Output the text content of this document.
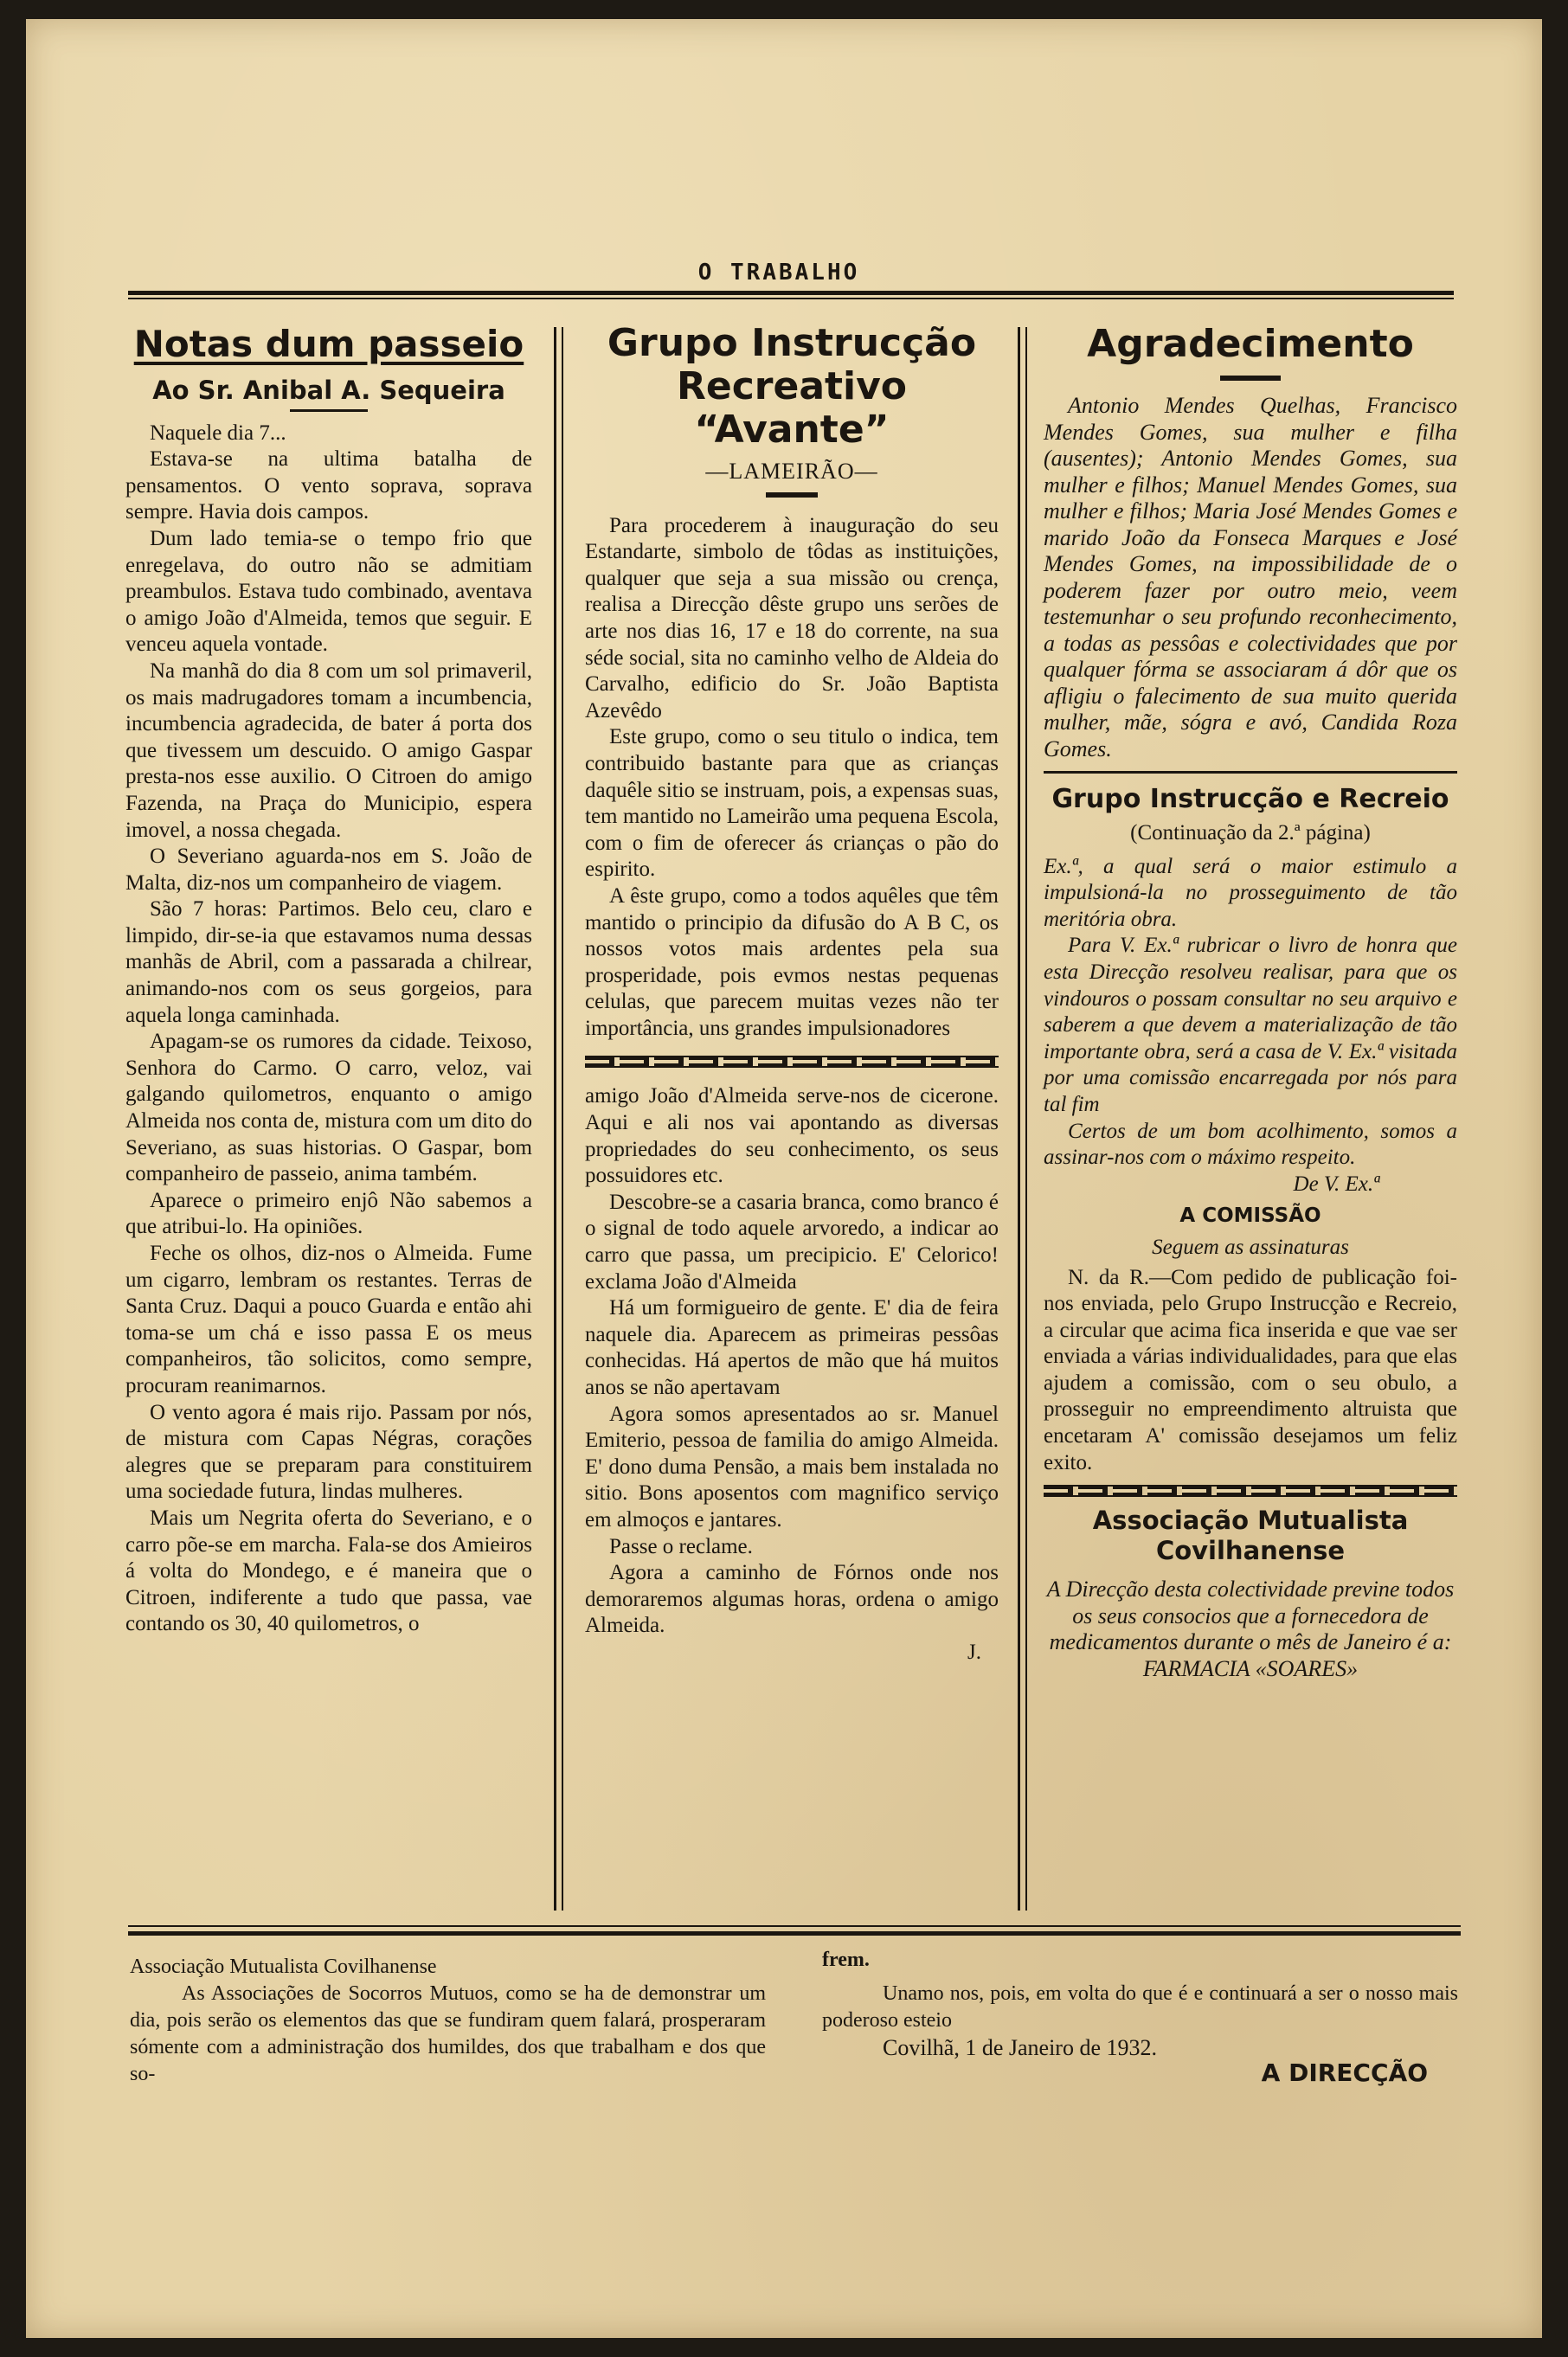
O TRABALHO
Notas dum passeio
Ao Sr. Anibal A. Sequeira

Naquele dia 7...

Estava-se na ultima batalha de pensamentos. O vento soprava, soprava sempre. Havia dois campos.

Dum lado temia-se o tempo frio que enregelava, do outro não se admitiam preambulos. Estava tudo combinado, aventava o amigo João d'Almeida, temos que seguir. E venceu aquela vontade.

Na manhã do dia 8 com um sol primaveril, os mais madrugadores tomam a incumbencia, incumbencia agradecida, de bater á porta dos que tivessem um descuido. O amigo Gaspar presta-nos esse auxilio. O Citroen do amigo Fazenda, na Praça do Municipio, espera imovel, a nossa chegada.

O Severiano aguarda-nos em S. João de Malta, diz-nos um companheiro de viagem.

São 7 horas: Partimos. Belo ceu, claro e limpido, dir-se-ia que estavamos numa dessas manhãs de Abril, com a passarada a chilrear, animando-nos com os seus gorgeios, para aquela longa caminhada.

Apagam-se os rumores da cidade. Teixoso, Senhora do Carmo. O carro, veloz, vai galgando quilometros, enquanto o amigo Almeida nos conta de, mistura com um dito do Severiano, as suas historias. O Gaspar, bom companheiro de passeio, anima também.

Aparece o primeiro enjô Não sabemos a que atribui-lo. Ha opiniões.

Feche os olhos, diz-nos o Almeida. Fume um cigarro, lembram os restantes. Terras de Santa Cruz. Daqui a pouco Guarda e então ahi toma-se um chá e isso passa E os meus companheiros, tão solicitos, como sempre, procuram reanimarnos.

O vento agora é mais rijo. Passam por nós, de mistura com Capas Négras, corações alegres que se preparam para constituirem uma sociedade futura, lindas mulheres.

Mais um Negrita oferta do Severiano, e o carro põe-se em marcha. Fala-se dos Amieiros á volta do Mondego, e é maneira que o Citroen, indiferente a tudo que passa, vae contando os 30, 40 quilometros, o

Grupo Instrucção Recreativo “Avante”

—LAMEIRÃO—

Para procederem à inauguração do seu Estandarte, simbolo de tôdas as instituições, qualquer que seja a sua missão ou crença, realisa a Direcção dêste grupo uns serões de arte nos dias 16, 17 e 18 do corrente, na sua séde social, sita no caminho velho de Aldeia do Carvalho, edificio do Sr. João Baptista Azevêdo

Este grupo, como o seu titulo o indica, tem contribuido bastante para que as crianças daquêle sitio se instruam, pois, a expensas suas, tem mantido no Lameirão uma pequena Escola, com o fim de oferecer ás crianças o pão do espirito.

A êste grupo, como a todos aquêles que têm mantido o principio da difusão do A B C, os nossos votos mais ardentes pela sua prosperidade, pois evmos nestas pequenas celulas, que parecem muitas vezes não ter importância, uns grandes impulsionadores

amigo João d'Almeida serve-nos de cicerone. Aqui e ali nos vai apontando as diversas propriedades do seu conhecimento, os seus possuidores etc.

Descobre-se a casaria branca, como branco é o signal de todo aquele arvoredo, a indicar ao carro que passa, um precipicio. E' Celorico! exclama João d'Almeida

Há um formigueiro de gente. E' dia de feira naquele dia. Aparecem as primeiras pessôas conhecidas. Há apertos de mão que há muitos anos se não apertavam

Agora somos apresentados ao sr. Manuel Emiterio, pessoa de familia do amigo Almeida. E' dono duma Pensão, a mais bem instalada no sitio. Bons aposentos com magnifico serviço em almoços e jantares.

Passe o reclame.

Agora a caminho de Fórnos onde nos demoraremos algumas horas, ordena o amigo Almeida.

J.

Agradecimento

Antonio Mendes Quelhas, Francisco Mendes Gomes, sua mulher e filha (ausentes); Antonio Mendes Gomes, sua mulher e filhos; Manuel Mendes Gomes, sua mulher e filhos; Maria José Mendes Gomes e marido João da Fonseca Marques e José Mendes Gomes, na impossibilidade de o poderem fazer por outro meio, veem testemunhar o seu profundo reconhecimento, a todas as pessôas e colectividades que por qualquer fórma se associaram á dôr que os afligiu o falecimento de sua muito querida mulher, mãe, sógra e avó, Candida Roza Gomes.

Grupo Instrucção e Recreio

(Continuação da 2.ª página)

Ex.ª, a qual será o maior estimulo a impulsioná-la no prosseguimento de tão meritória obra.

Para V. Ex.ª rubricar o livro de honra que esta Direcção resolveu realisar, para que os vindouros o possam consultar no seu arquivo e saberem a que devem a materialização de tão importante obra, será a casa de V. Ex.ª visitada por uma comissão encarregada por nós para tal fim

Certos de um bom acolhimento, somos a assinar-nos com o máximo respeito.

De V. Ex.ª

A COMISSÃO

Seguem as assinaturas

N. da R.—Com pedido de publicação foi-nos enviada, pelo Grupo Instrucção e Recreio, a circular que acima fica inserida e que vae ser enviada a várias individualidades, para que elas ajudem a comissão, com o seu obulo, a prosseguir no empreendimento altruista que encetaram A' comissão desejamos um feliz exito.

Associação Mutualista Covilhanense

A Direcção desta colectividade previne todos os seus consocios que a fornecedora de medicamentos durante o mês de Janeiro é a: FARMACIA «SOARES»

Associação Mutualista Covilhanense

As Associações de Socorros Mutuos, como se ha de demonstrar um dia, pois serão os elementos das que se fundiram quem falará, prosperaram sómente com a administração dos humildes, dos que trabalham e dos que so-

frem.

Unamo nos, pois, em volta do que é e continuará a ser o nosso mais poderoso esteio

Covilhã, 1 de Janeiro de 1932.

A DIRECÇÃO
